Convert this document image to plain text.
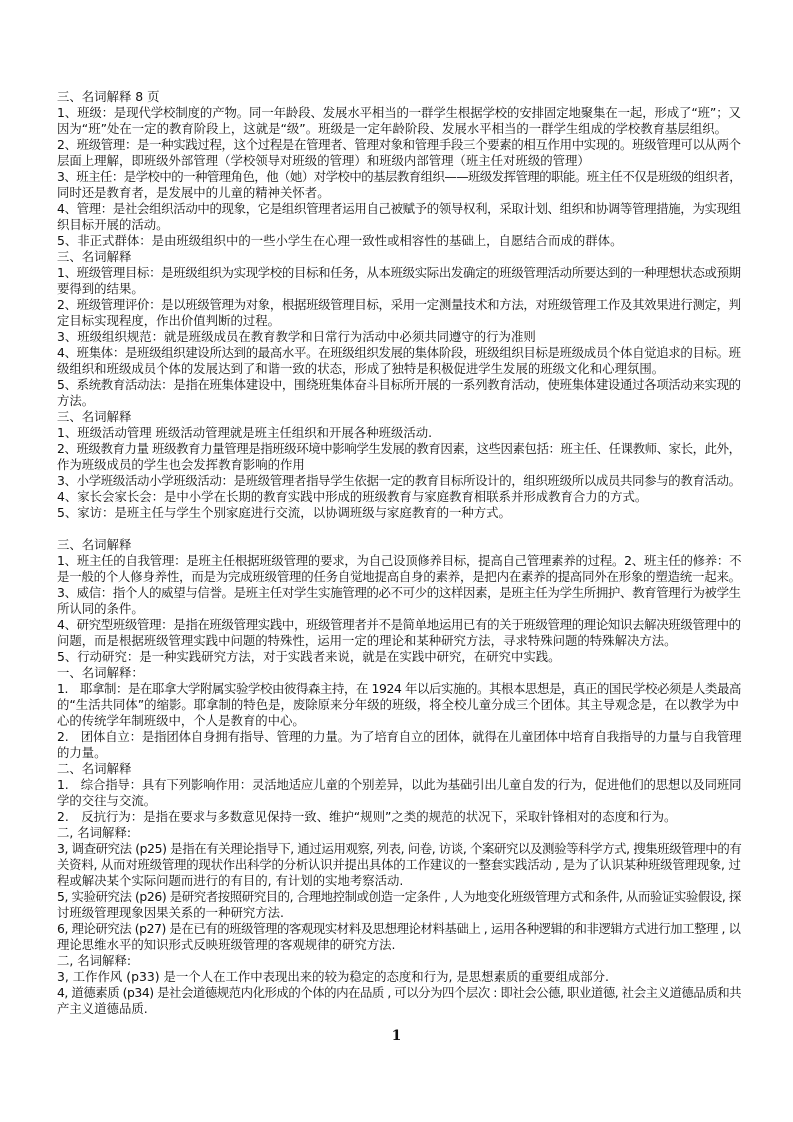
三、名词解释 8 页
1、班级：是现代学校制度的产物。同一年龄段、发展水平相当的一群学生根据学校的安排固定地聚集在一起，形成了“班”；又
因为“班”处在一定的教育阶段上，这就是“级”。班级是一定年龄阶段、发展水平相当的一群学生组成的学校教育基层组织。
2、班级管理：是一种实践过程，这个过程是在管理者、管理对象和管理手段三个要素的相互作用中实现的。班级管理可以从两个
层面上理解，即班级外部管理（学校领导对班级的管理）和班级内部管理（班主任对班级的管理）
3、班主任：是学校中的一种管理角色，他（她）对学校中的基层教育组织——班级发挥管理的职能。班主任不仅是班级的组织者，
同时还是教育者，是发展中的儿童的精神关怀者。
4、管理：是社会组织活动中的现象，它是组织管理者运用自己被赋予的领导权利，采取计划、组织和协调等管理措施，为实现组
织目标开展的活动。
5、非正式群体：是由班级组织中的一些小学生在心理一致性或相容性的基础上，自愿结合而成的群体。
三、名词解释
1、班级管理目标：是班级组织为实现学校的目标和任务，从本班级实际出发确定的班级管理活动所要达到的一种理想状态或预期
要得到的结果。
2、班级管理评价：是以班级管理为对象，根据班级管理目标，采用一定测量技术和方法，对班级管理工作及其效果进行测定，判
定目标实现程度，作出价值判断的过程。
3、班级组织规范：就是班级成员在教育教学和日常行为活动中必须共同遵守的行为准则
4、班集体：是班级组织建设所达到的最高水平。在班级组织发展的集体阶段，班级组织目标是班级成员个体自觉追求的目标。班
级组织和班级成员个体的发展达到了和谐一致的状态，形成了独特是积极促进学生发展的班级文化和心理氛围。
5、系统教育活动法：是指在班集体建设中，围绕班集体奋斗目标所开展的一系列教育活动，使班集体建设通过各项活动来实现的
方法。
三、名词解释
1、班级活动管理 班级活动管理就是班主任组织和开展各种班级活动.
2、班级教育力量 班级教育力量管理是指班级环境中影响学生发展的教育因素，这些因素包括：班主任、任课教师、家长，此外，
作为班级成员的学生也会发挥教育影响的作用
3、小学班级活动小学班级活动：是班级管理者指导学生依据一定的教育目标所设计的，组织班级所以成员共同参与的教育活动。
4、家长会家长会：是中小学在长期的教育实践中形成的班级教育与家庭教育相联系并形成教育合力的方式。
5、家访：是班主任与学生个别家庭进行交流，以协调班级与家庭教育的一种方式。
三、名词解释
1、班主任的自我管理：是班主任根据班级管理的要求，为自己设顶修养目标，提高自己管理素养的过程。2、班主任的修养：不
是一般的个人修身养性，而是为完成班级管理的任务自觉地提高自身的素养，是把内在素养的提高同外在形象的塑造统一起来。
3、威信：指个人的威望与信誉。是班主任对学生实施管理的必不可少的这样因素，是班主任为学生所拥护、教育管理行为被学生
所认同的条件。
4、研究型班级管理：是指在班级管理实践中，班级管理者并不是简单地运用已有的关于班级管理的理论知识去解决班级管理中的
问题，而是根据班级管理实践中问题的特殊性，运用一定的理论和某种研究方法，寻求特殊问题的特殊解决方法。
5、行动研究：是一种实践研究方法，对于实践者来说，就是在实践中研究，在研究中实践。
一、名词解释：
1.　耶拿制：是在耶拿大学附属实验学校由彼得森主持，在 1924 年以后实施的。其根本思想是，真正的国民学校必须是人类最高
的“生活共同体”的缩影。耶拿制的特色是，废除原来分年级的班级，将全校儿童分成三个团体。其主导观念是，在以教学为中
心的传统学年制班级中，个人是教育的中心。
2.　团体自立：是指团体自身拥有指导、管理的力量。为了培育自立的团体，就得在儿童团体中培育自我指导的力量与自我管理
的力量。
二、名词解释
1.　综合指导：具有下列影响作用：灵活地适应儿童的个别差异，以此为基础引出儿童自发的行为，促进他们的思想以及同班同
学的交往与交流。
2.　反抗行为：是指在要求与多数意见保持一致、维护“规则”之类的规范的状况下，采取针锋相对的态度和行为。
二, 名词解释:
3, 调查研究法 (p25) 是指在有关理论指导下, 通过运用观察, 列表, 问卷, 访谈, 个案研究以及测验等科学方式, 搜集班级管理中的有
关资料, 从而对班级管理的现状作出科学的分析认识并提出具体的工作建议的一整套实践活动 , 是为了认识某种班级管理现象, 过
程或解决某个实际问题而进行的有目的, 有计划的实地考察活动.
5, 实验研究法 (p26) 是研究者按照研究目的, 合理地控制或创造一定条件 , 人为地变化班级管理方式和条件, 从而验证实验假设, 探
讨班级管理现象因果关系的一种研究方法.
6, 理论研究法 (p27) 是在已有的班级管理的客观现实材料及思想理论材料基础上 , 运用各种逻辑的和非逻辑方式进行加工整理 , 以
理论思维水平的知识形式反映班级管理的客观规律的研究方法.
二, 名词解释:
3, 工作作风 (p33) 是一个人在工作中表现出来的较为稳定的态度和行为, 是思想素质的重要组成部分.
4, 道德素质 (p34) 是社会道德规范内化形成的个体的内在品质 , 可以分为四个层次 : 即社会公德, 职业道德, 社会主义道德品质和共
产主义道德品质.
1
